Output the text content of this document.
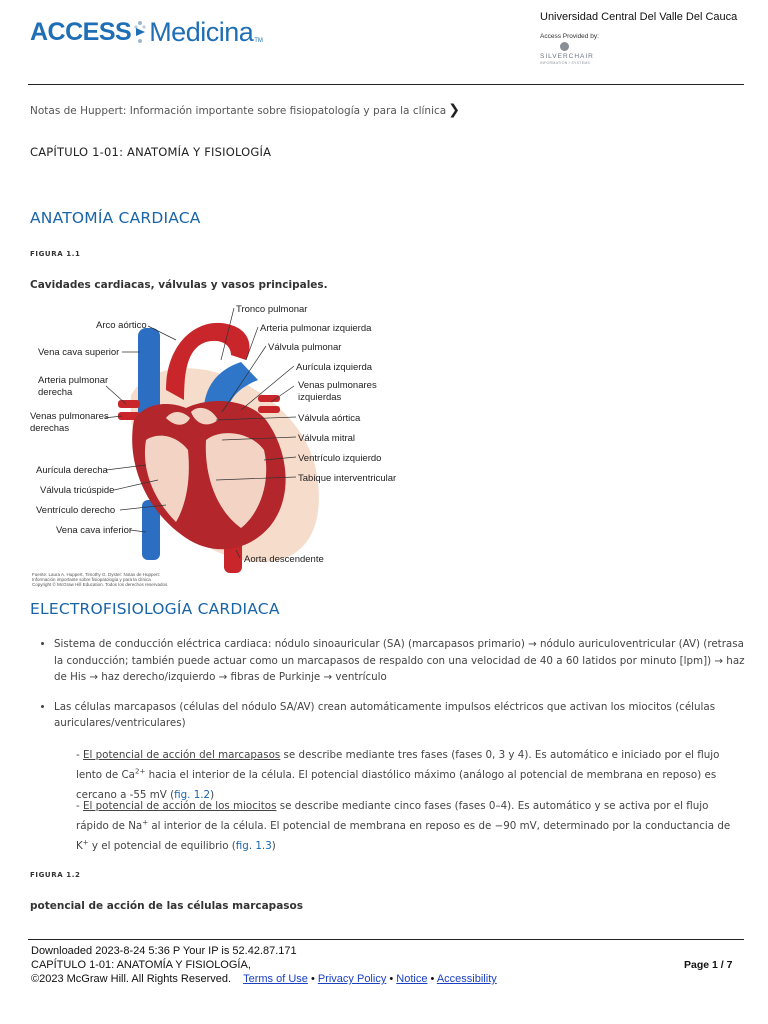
ACCESS Medicina TM
Universidad Central Del Valle Del Cauca
Access Provided by:
SILVERCHAIR
INFORMATION / SYSTEMS
Notas de Huppert: Información importante sobre fisiopatología y para la clínica ❯
CAPÍTULO 1-01: ANATOMÍA Y FISIOLOGÍA
ANATOMÍA CARDIACA
FIGURA 1.1
Cavidades cardiacas, válvulas y vasos principales.
Arco aórtico
Vena cava superior
Arteria pulmonar
derecha
Venas pulmonares
derechas
Aurícula derecha
Válvula tricúspide
Ventrículo derecho
Vena cava inferior
Tronco pulmonar
Arteria pulmonar izquierda
Válvula pulmonar
Aurícula izquierda
Venas pulmonares
izquierdas
Válvula aórtica
Válvula mitral
Ventrículo izquierdo
Tabique interventricular
Aorta descendente
Fuente: Laura A. Huppert, Timothy G. Dyster: Notas de Huppert:
Información importante sobre fisiopatología y para la clínica
Copyright © McGraw Hill Education. Todos los derechos reservados.
ELECTROFISIOLOGÍA CARDIACA
• Sistema de conducción eléctrica cardiaca: nódulo sinoauricular (SA) (marcapasos primario) → nódulo auriculoventricular (AV) (retrasa la conducción; también puede actuar como un marcapasos de respaldo con una velocidad de 40 a 60 latidos por minuto [lpm]) → haz de His → haz derecho/izquierdo → fibras de Purkinje → ventrículo
• Las células marcapasos (células del nódulo SA/AV) crean automáticamente impulsos eléctricos que activan los miocitos (células auriculares/ventriculares)
- El potencial de acción del marcapasos se describe mediante tres fases (fases 0, 3 y 4). Es automático e iniciado por el flujo lento de $Ca^{2+}$ hacia el interior de la célula. El potencial diastólico máximo (análogo al potencial de membrana en reposo) es cercano a -55 mV (fig. 1.2)
- El potencial de acción de los miocitos se describe mediante cinco fases (fases 0–4). Es automático y se activa por el flujo rápido de Na+ al interior de la célula. El potencial de membrana en reposo es de −90 mV, determinado por la conductancia de K+ y el potencial de equilibrio (fig. 1.3)
FIGURA 1.2
potencial de acción de las células marcapasos
Downloaded 2023-8-24 5:36 P Your IP is 52.42.87.171
CAPÍTULO 1-01: ANATOMÍA Y FISIOLOGÍA,
©2023 McGraw Hill. All Rights Reserved. Terms of Use • Privacy Policy • Notice • Accessibility
Page 1 / 7
